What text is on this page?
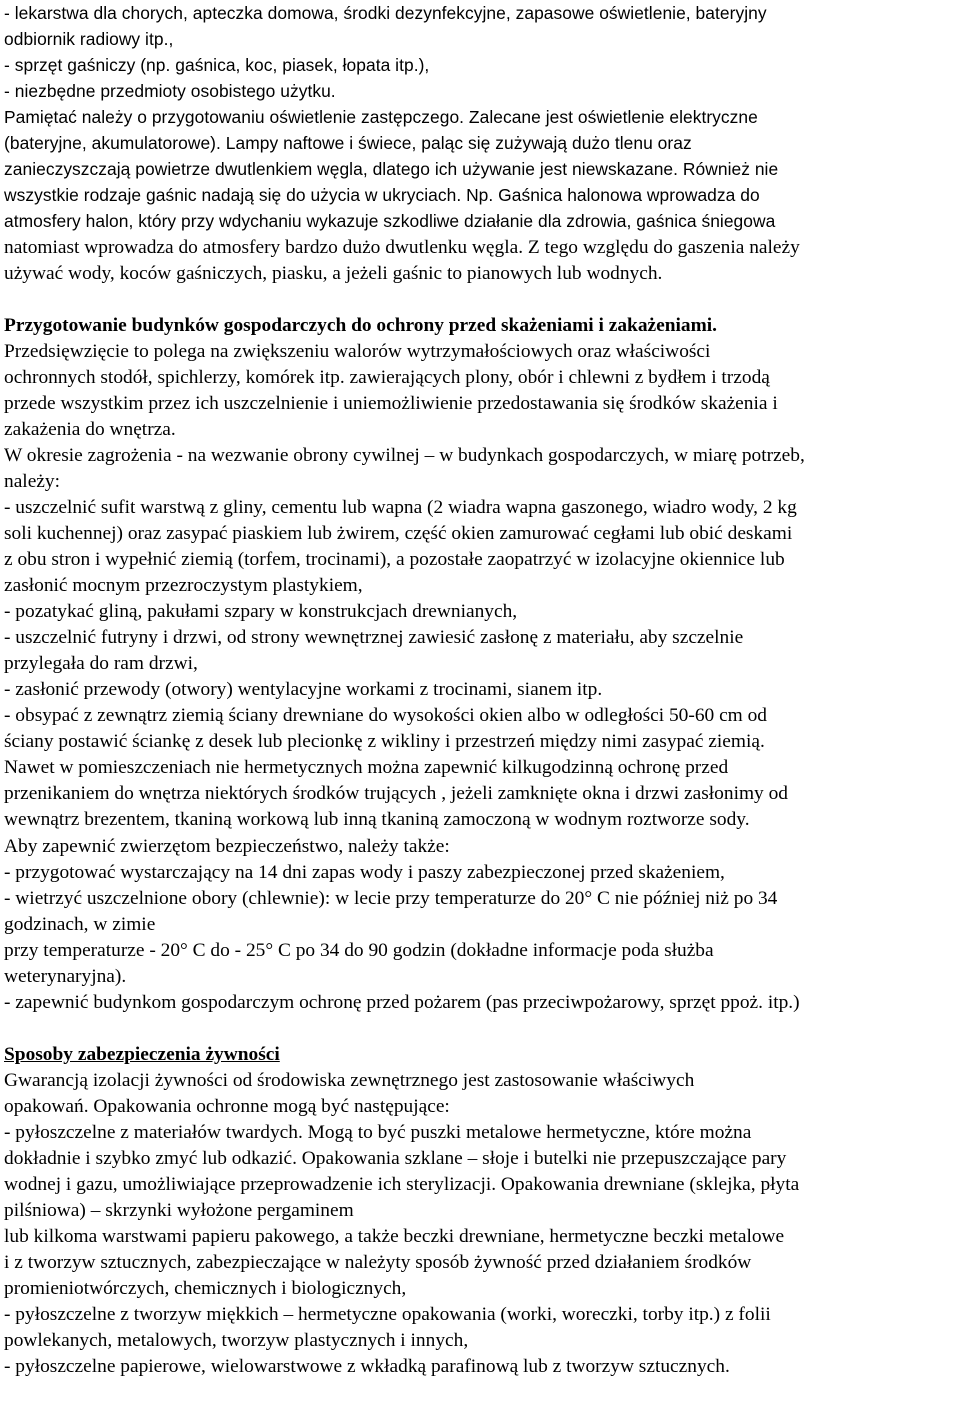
- lekarstwa dla chorych, apteczka domowa, środki dezynfekcyjne, zapasowe oświetlenie, bateryjny
odbiornik radiowy itp.,
- sprzęt gaśniczy (np. gaśnica, koc, piasek, łopata itp.),
- niezbędne przedmioty osobistego użytku.
Pamiętać należy o przygotowaniu oświetlenie zastępczego. Zalecane jest oświetlenie elektryczne
(bateryjne, akumulatorowe). Lampy naftowe i świece, paląc się zużywają dużo tlenu oraz
zanieczyszczają powietrze dwutlenkiem węgla, dlatego ich używanie jest niewskazane. Również nie
wszystkie rodzaje gaśnic nadają się do użycia w ukryciach. Np. Gaśnica halonowa wprowadza do
atmosfery halon, który przy wdychaniu wykazuje szkodliwe działanie dla zdrowia, gaśnica śniegowa
natomiast wprowadza do atmosfery bardzo dużo dwutlenku węgla. Z tego względu do gaszenia należy
używać wody, koców gaśniczych, piasku, a jeżeli gaśnic to pianowych lub wodnych.
Przygotowanie budynków gospodarczych do ochrony przed skażeniami i zakażeniami.
Przedsięwzięcie to polega na zwiększeniu walorów wytrzymałościowych oraz właściwości
ochronnych stodół, spichlerzy, komórek itp. zawierających plony, obór i chlewni z bydłem i trzodą
przede wszystkim przez ich uszczelnienie i uniemożliwienie przedostawania się środków skażenia i
zakażenia do wnętrza.
W okresie zagrożenia - na wezwanie obrony cywilnej – w budynkach gospodarczych, w miarę potrzeb,
należy:
- uszczelnić sufit warstwą z gliny, cementu lub wapna (2 wiadra wapna gaszonego, wiadro wody, 2 kg
soli kuchennej) oraz zasypać piaskiem lub żwirem, część okien zamurować cegłami lub obić deskami
z obu stron i wypełnić ziemią (torfem, trocinami), a pozostałe zaopatrzyć w izolacyjne okiennice lub
zasłonić mocnym przezroczystym plastykiem,
- pozatykać gliną, pakułami szpary w konstrukcjach drewnianych,
- uszczelnić futryny i drzwi, od strony wewnętrznej zawiesić zasłonę z materiału, aby szczelnie
przylegała do ram drzwi,
- zasłonić przewody (otwory) wentylacyjne workami z trocinami, sianem itp.
- obsypać z zewnątrz ziemią ściany drewniane do wysokości okien albo w odległości 50-60 cm od
ściany postawić ściankę z desek lub plecionkę z wikliny i przestrzeń między nimi zasypać ziemią.
Nawet w pomieszczeniach nie hermetycznych można zapewnić kilkugodzinną ochronę przed
przenikaniem do wnętrza niektórych środków trujących , jeżeli zamknięte okna i drzwi zasłonimy od
wewnątrz brezentem, tkaniną workową lub inną tkaniną zamoczoną w wodnym roztworze sody.
Aby zapewnić zwierzętom bezpieczeństwo, należy także:
- przygotować wystarczający na 14 dni zapas wody i paszy zabezpieczonej przed skażeniem,
- wietrzyć uszczelnione obory (chlewnie): w lecie przy temperaturze do 20° C nie później niż po 34
godzinach, w zimie
przy temperaturze - 20° C do - 25° C po 34 do 90 godzin (dokładne informacje poda służba
weterynaryjna).
- zapewnić budynkom gospodarczym ochronę przed pożarem (pas przeciwpożarowy, sprzęt ppoż. itp.)
Sposoby zabezpieczenia żywności
Gwarancją izolacji żywności od środowiska zewnętrznego jest zastosowanie właściwych
opakowań. Opakowania ochronne mogą być następujące:
- pyłoszczelne z materiałów twardych. Mogą to być puszki metalowe hermetyczne, które można
dokładnie i szybko zmyć lub odkazić. Opakowania szklane – słoje i butelki nie przepuszczające pary
wodnej i gazu, umożliwiające przeprowadzenie ich sterylizacji. Opakowania drewniane (sklejka, płyta
pilśniowa) – skrzynki wyłożone pergaminem
lub kilkoma warstwami papieru pakowego, a także beczki drewniane, hermetyczne beczki metalowe
i z tworzyw sztucznych, zabezpieczające w należyty sposób żywność przed działaniem środków
promieniotwórczych, chemicznych i biologicznych,
- pyłoszczelne z tworzyw miękkich – hermetyczne opakowania (worki, woreczki, torby itp.) z folii
powlekanych, metalowych, tworzyw plastycznych i innych,
- pyłoszczelne papierowe, wielowarstwowe z wkładką parafinową lub z tworzyw sztucznych.
